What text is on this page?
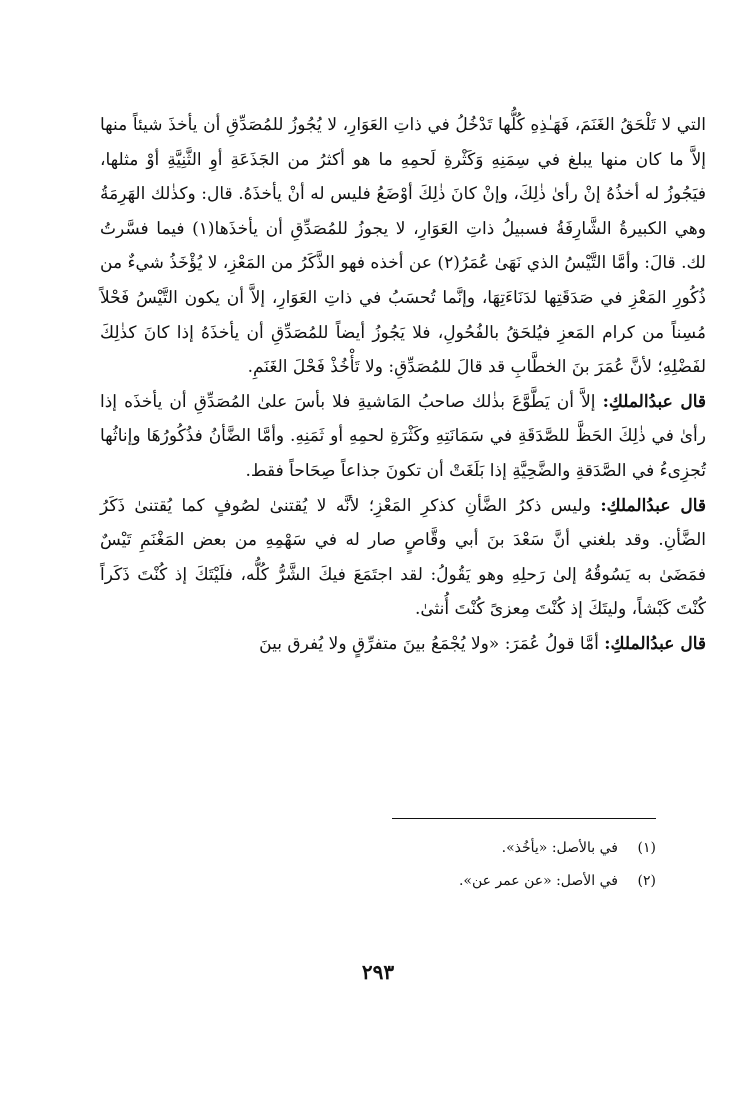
التي لا تَلْحَقُ الغَنَمَ، فَهَـٰذِهِ كُلُّها تَدْخُلُ في ذاتِ العَوَارِ، لا يُجُوزُ للمُصَدِّقِ أن يأخذَ شيئاً منها إلاَّ ما كان منها يبلغ في سِمَنِهِ وَكَثْرةِ لَحمِهِ ما هو أكثرُ من الجَذَعَةِ أوِ الثَّنِيَّةِ أوْ مثلها، فيَجُوزُ له أخذُهُ إنْ رأىٰ ذٰلِكَ، وإنْ كانَ ذٰلِكَ أوْضَعُ فليس له أنْ يأخذَهُ. قال: وكذٰلك الهَرِمَةُ وهي الكبيرةُ الشَّارِفَةُ فسبيلُ ذاتِ العَوَارِ، لا يجوزُ للمُصَدِّقِ أن يأخذَها(١) فيما فسَّرتُ لك. قالَ: وأمَّا التَّيْسُ الذي نَهَىٰ عُمَرُ(٢) عن أخذه فهو الذَّكَرُ من المَعْزِ، لا يُؤْخَذُ شيءٌ من ذُكُورِ المَعْزِ في صَدَقَتِها لدَنَاءَتِهَا، وإنَّما تُحسَبُ في ذاتِ العَوَارِ، إلاَّ أن يكون التَّيْسُ فَحْلاً مُسِناً من كرام المَعزِ فيُلحَقُ بالفُحُولِ، فلا يَجُوزُ أيضاً للمُصَدِّقِ أن يأخذَهُ إذا كانَ كذٰلِكَ لفَضْلِهِ؛ لأنَّ عُمَرَ بنَ الخطَّابِ قد قالَ للمُصَدِّقِ: ولا تَأْخُذْ فَحْلَ الغَنَمِ.

قال عبدُالملكِ: إلاَّ أن يَطَّوَّعَ بذٰلك صاحبُ المَاشيةِ فلا بأسَ علىٰ المُصَدِّقِ أن يأخذَه إذا رأىٰ في ذٰلِكَ الحَظَّ للصَّدَقَةِ في سَمَانَتِهِ وكَثْرَةِ لحمِهِ أو ثَمَنِهِ. وأمَّا الضَّأنُ فذُكُورُهَا وإناثُها تُجزِىءُ في الصَّدَقةِ والضَّحِيَّةِ إذا بَلَغَتْ أن تكونَ جذاعاً صِحَاحاً فقط.

قال عبدُالملكِ: وليس ذكرُ الضَّأنِ كذكرِ المَعْزِ؛ لأنَّه لا يُقتنىٰ لصُوفٍ كما يُقتنىٰ ذَكَرُ الضَّأنِ. وقد بلغني أنَّ سَعْدَ بنَ أبي وقَّاصٍ صار له في سَهْمِهِ من بعض المَغْنَمِ تَيْسٌ فمَضَىٰ به يَسُوقُهُ إلىٰ رَحلِهِ وهو يَقُولُ: لقد اجتَمَعَ فيكَ الشَّرُّ كُلُّه، فلَيْتَكَ إذ كُنْتَ ذَكَراً كُنْتَ كَبْشاً، وليتَكَ إذ كُنْتَ مِعزىً كُنْتَ أُنثىٰ.

قال عبدُالملكِ: أمَّا قولُ عُمَرَ: «ولا يُجْمَعُ بينَ متفرِّقٍ ولا يُفرق بينَ

(١)
في بالأصل: «يأخُذ».
(٢)
في الأصل: «عن عمر عن».
٢٩٣
